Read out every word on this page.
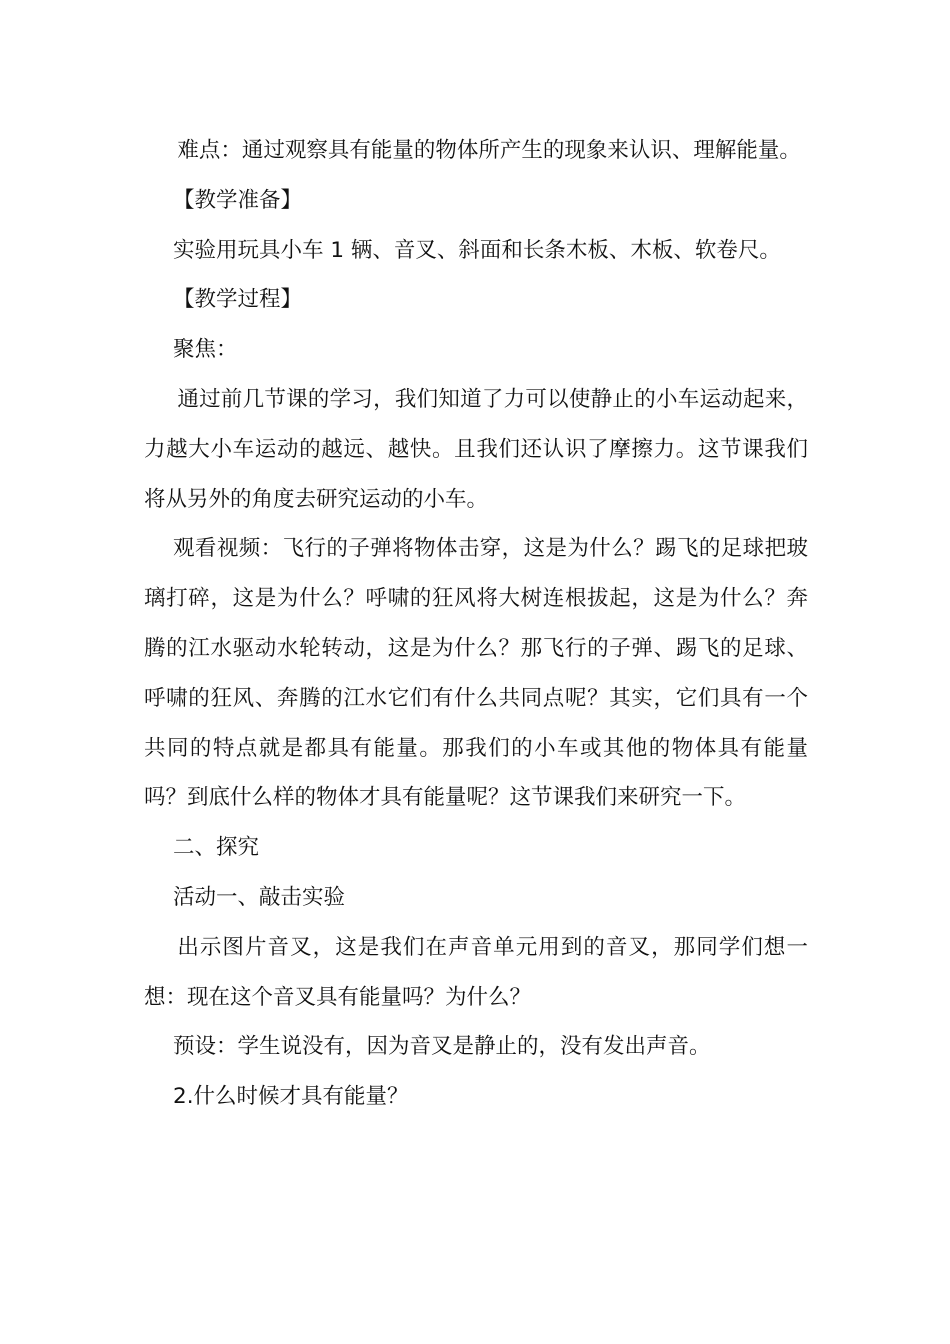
难点：通过观察具有能量的物体所产生的现象来认识、理解能量。

【教学准备】

实验用玩具小车 1 辆、音叉、斜面和长条木板、木板、软卷尺。

【教学过程】

聚焦：

通过前几节课的学习，我们知道了力可以使静止的小车运动起来，力越大小车运动的越远、越快。且我们还认识了摩擦力。这节课我们将从另外的角度去研究运动的小车。

观看视频：飞行的子弹将物体击穿，这是为什么？踢飞的足球把玻璃打碎，这是为什么？呼啸的狂风将大树连根拔起，这是为什么？奔腾的江水驱动水轮转动，这是为什么？那飞行的子弹、踢飞的足球、呼啸的狂风、奔腾的江水它们有什么共同点呢？其实，它们具有一个共同的特点就是都具有能量。那我们的小车或其他的物体具有能量吗？到底什么样的物体才具有能量呢？这节课我们来研究一下。

二、探究

活动一、敲击实验

出示图片音叉，这是我们在声音单元用到的音叉，那同学们想一想：现在这个音叉具有能量吗？为什么？

预设：学生说没有，因为音叉是静止的，没有发出声音。

2.什么时候才具有能量？
